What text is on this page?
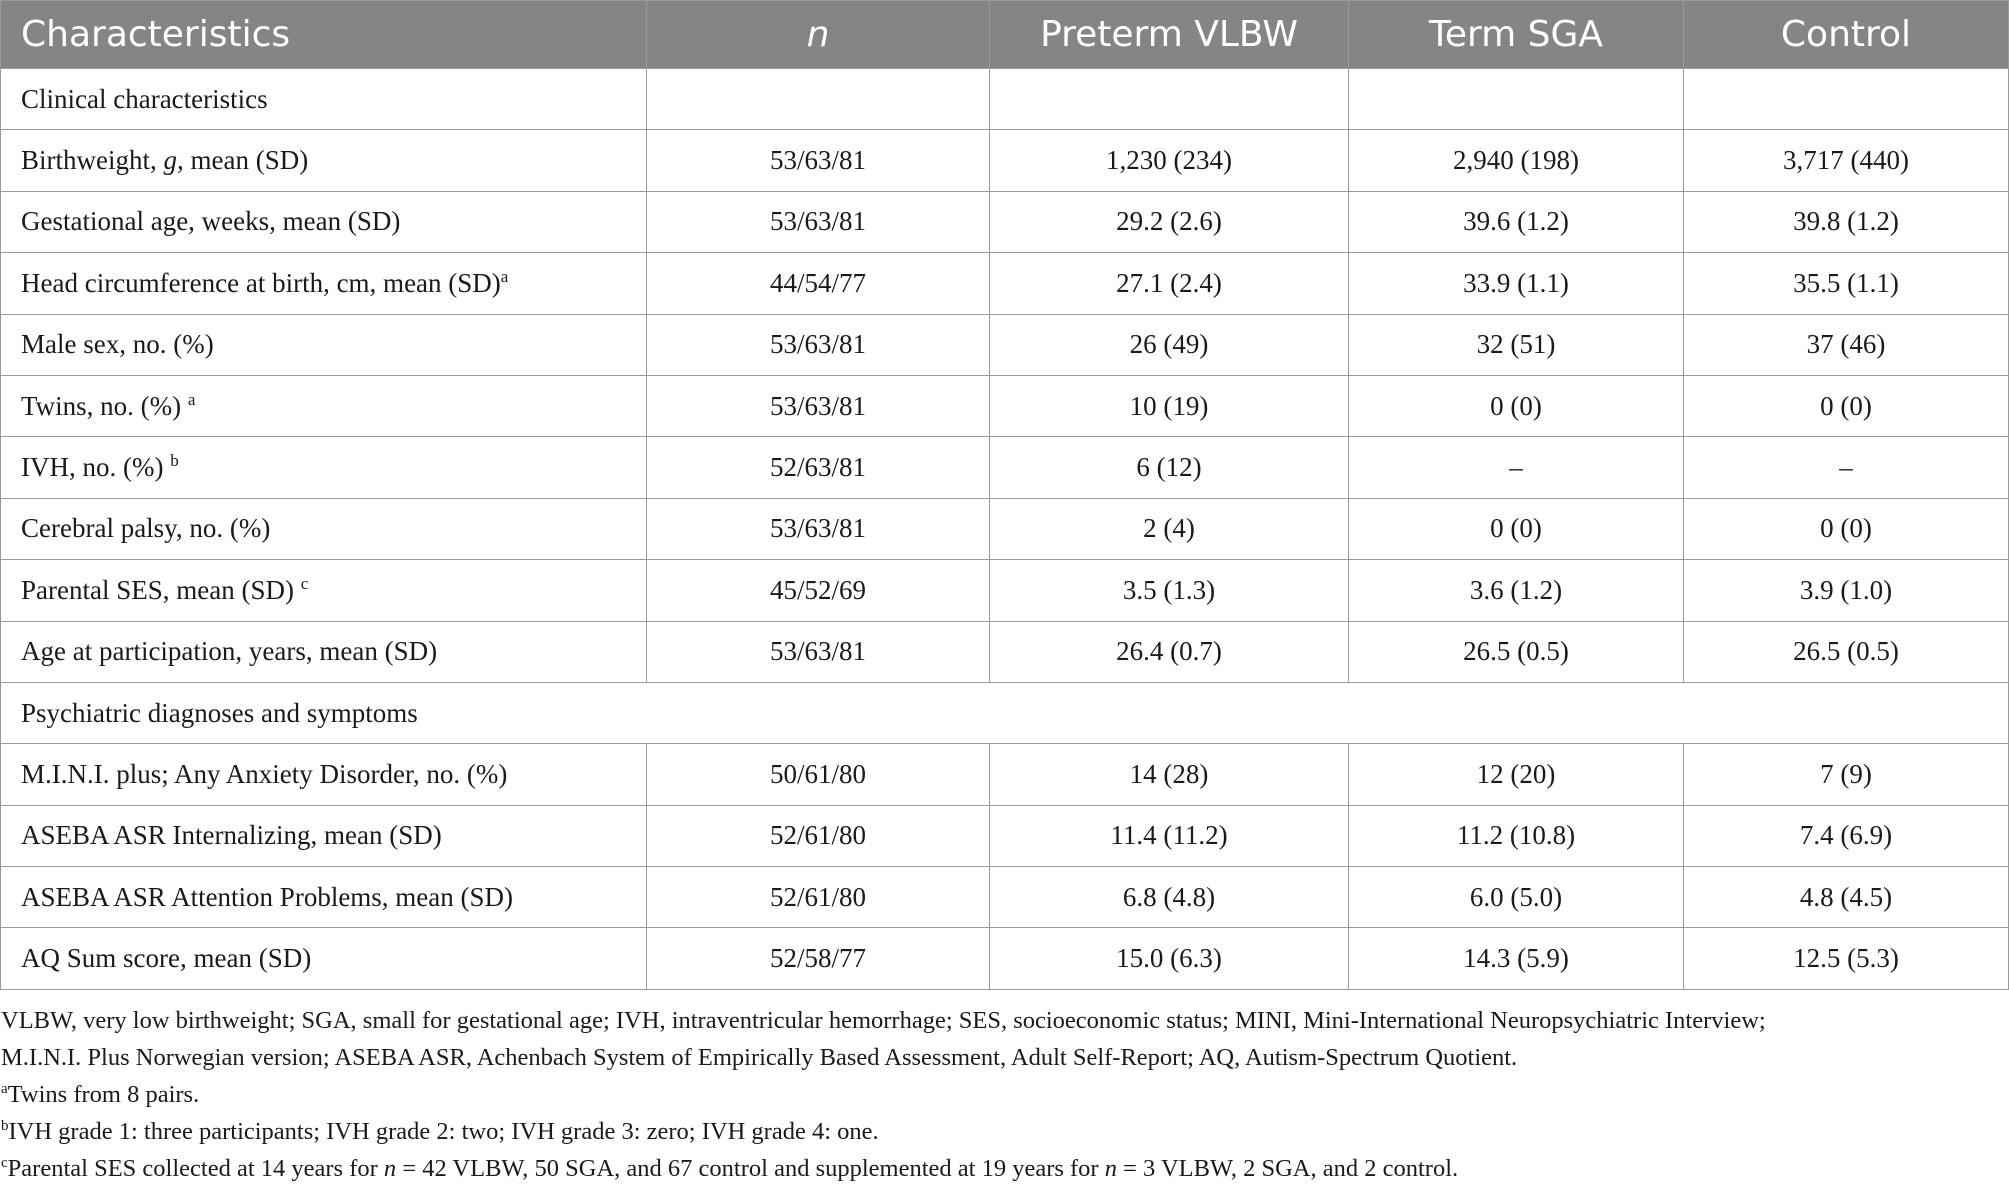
Characteristics	n	Preterm VLBW	Term SGA	Control
Clinical characteristics				
Birthweight, g, mean (SD)	53/63/81	1,230 (234)	2,940 (198)	3,717 (440)
Gestational age, weeks, mean (SD)	53/63/81	29.2 (2.6)	39.6 (1.2)	39.8 (1.2)
Head circumference at birth, cm, mean (SD)$^a$	44/54/77	27.1 (2.4)	33.9 (1.1)	35.5 (1.1)
Male sex, no. (%)	53/63/81	26 (49)	32 (51)	37 (46)
Twins, no. (%) $^a$	53/63/81	10 (19)	0 (0)	0 (0)
IVH, no. (%) $^b$	52/63/81	6 (12)	–	–
Cerebral palsy, no. (%)	53/63/81	2 (4)	0 (0)	0 (0)
Parental SES, mean (SD) $^c$	45/52/69	3.5 (1.3)	3.6 (1.2)	3.9 (1.0)
Age at participation, years, mean (SD)	53/63/81	26.4 (0.7)	26.5 (0.5)	26.5 (0.5)
Psychiatric diagnoses and symptoms				
M.I.N.I. plus; Any Anxiety Disorder, no. (%)	50/61/80	14 (28)	12 (20)	7 (9)
ASEBA ASR Internalizing, mean (SD)	52/61/80	11.4 (11.2)	11.2 (10.8)	7.4 (6.9)
ASEBA ASR Attention Problems, mean (SD)	52/61/80	6.8 (4.8)	6.0 (5.0)	4.8 (4.5)
AQ Sum score, mean (SD)	52/58/77	15.0 (6.3)	14.3 (5.9)	12.5 (5.3)

VLBW, very low birthweight; SGA, small for gestational age; IVH, intraventricular hemorrhage; SES, socioeconomic status; MINI, Mini-International Neuropsychiatric Interview;

M.I.N.I. Plus Norwegian version; ASEBA ASR, Achenbach System of Empirically Based Assessment, Adult Self-Report; AQ, Autism-Spectrum Quotient.

$^a$Twins from 8 pairs.

$^b$IVH grade 1: three participants; IVH grade 2: two; IVH grade 3: zero; IVH grade 4: one.

$^c$Parental SES collected at 14 years for n = 42 VLBW, 50 SGA, and 67 control and supplemented at 19 years for n = 3 VLBW, 2 SGA, and 2 control.
